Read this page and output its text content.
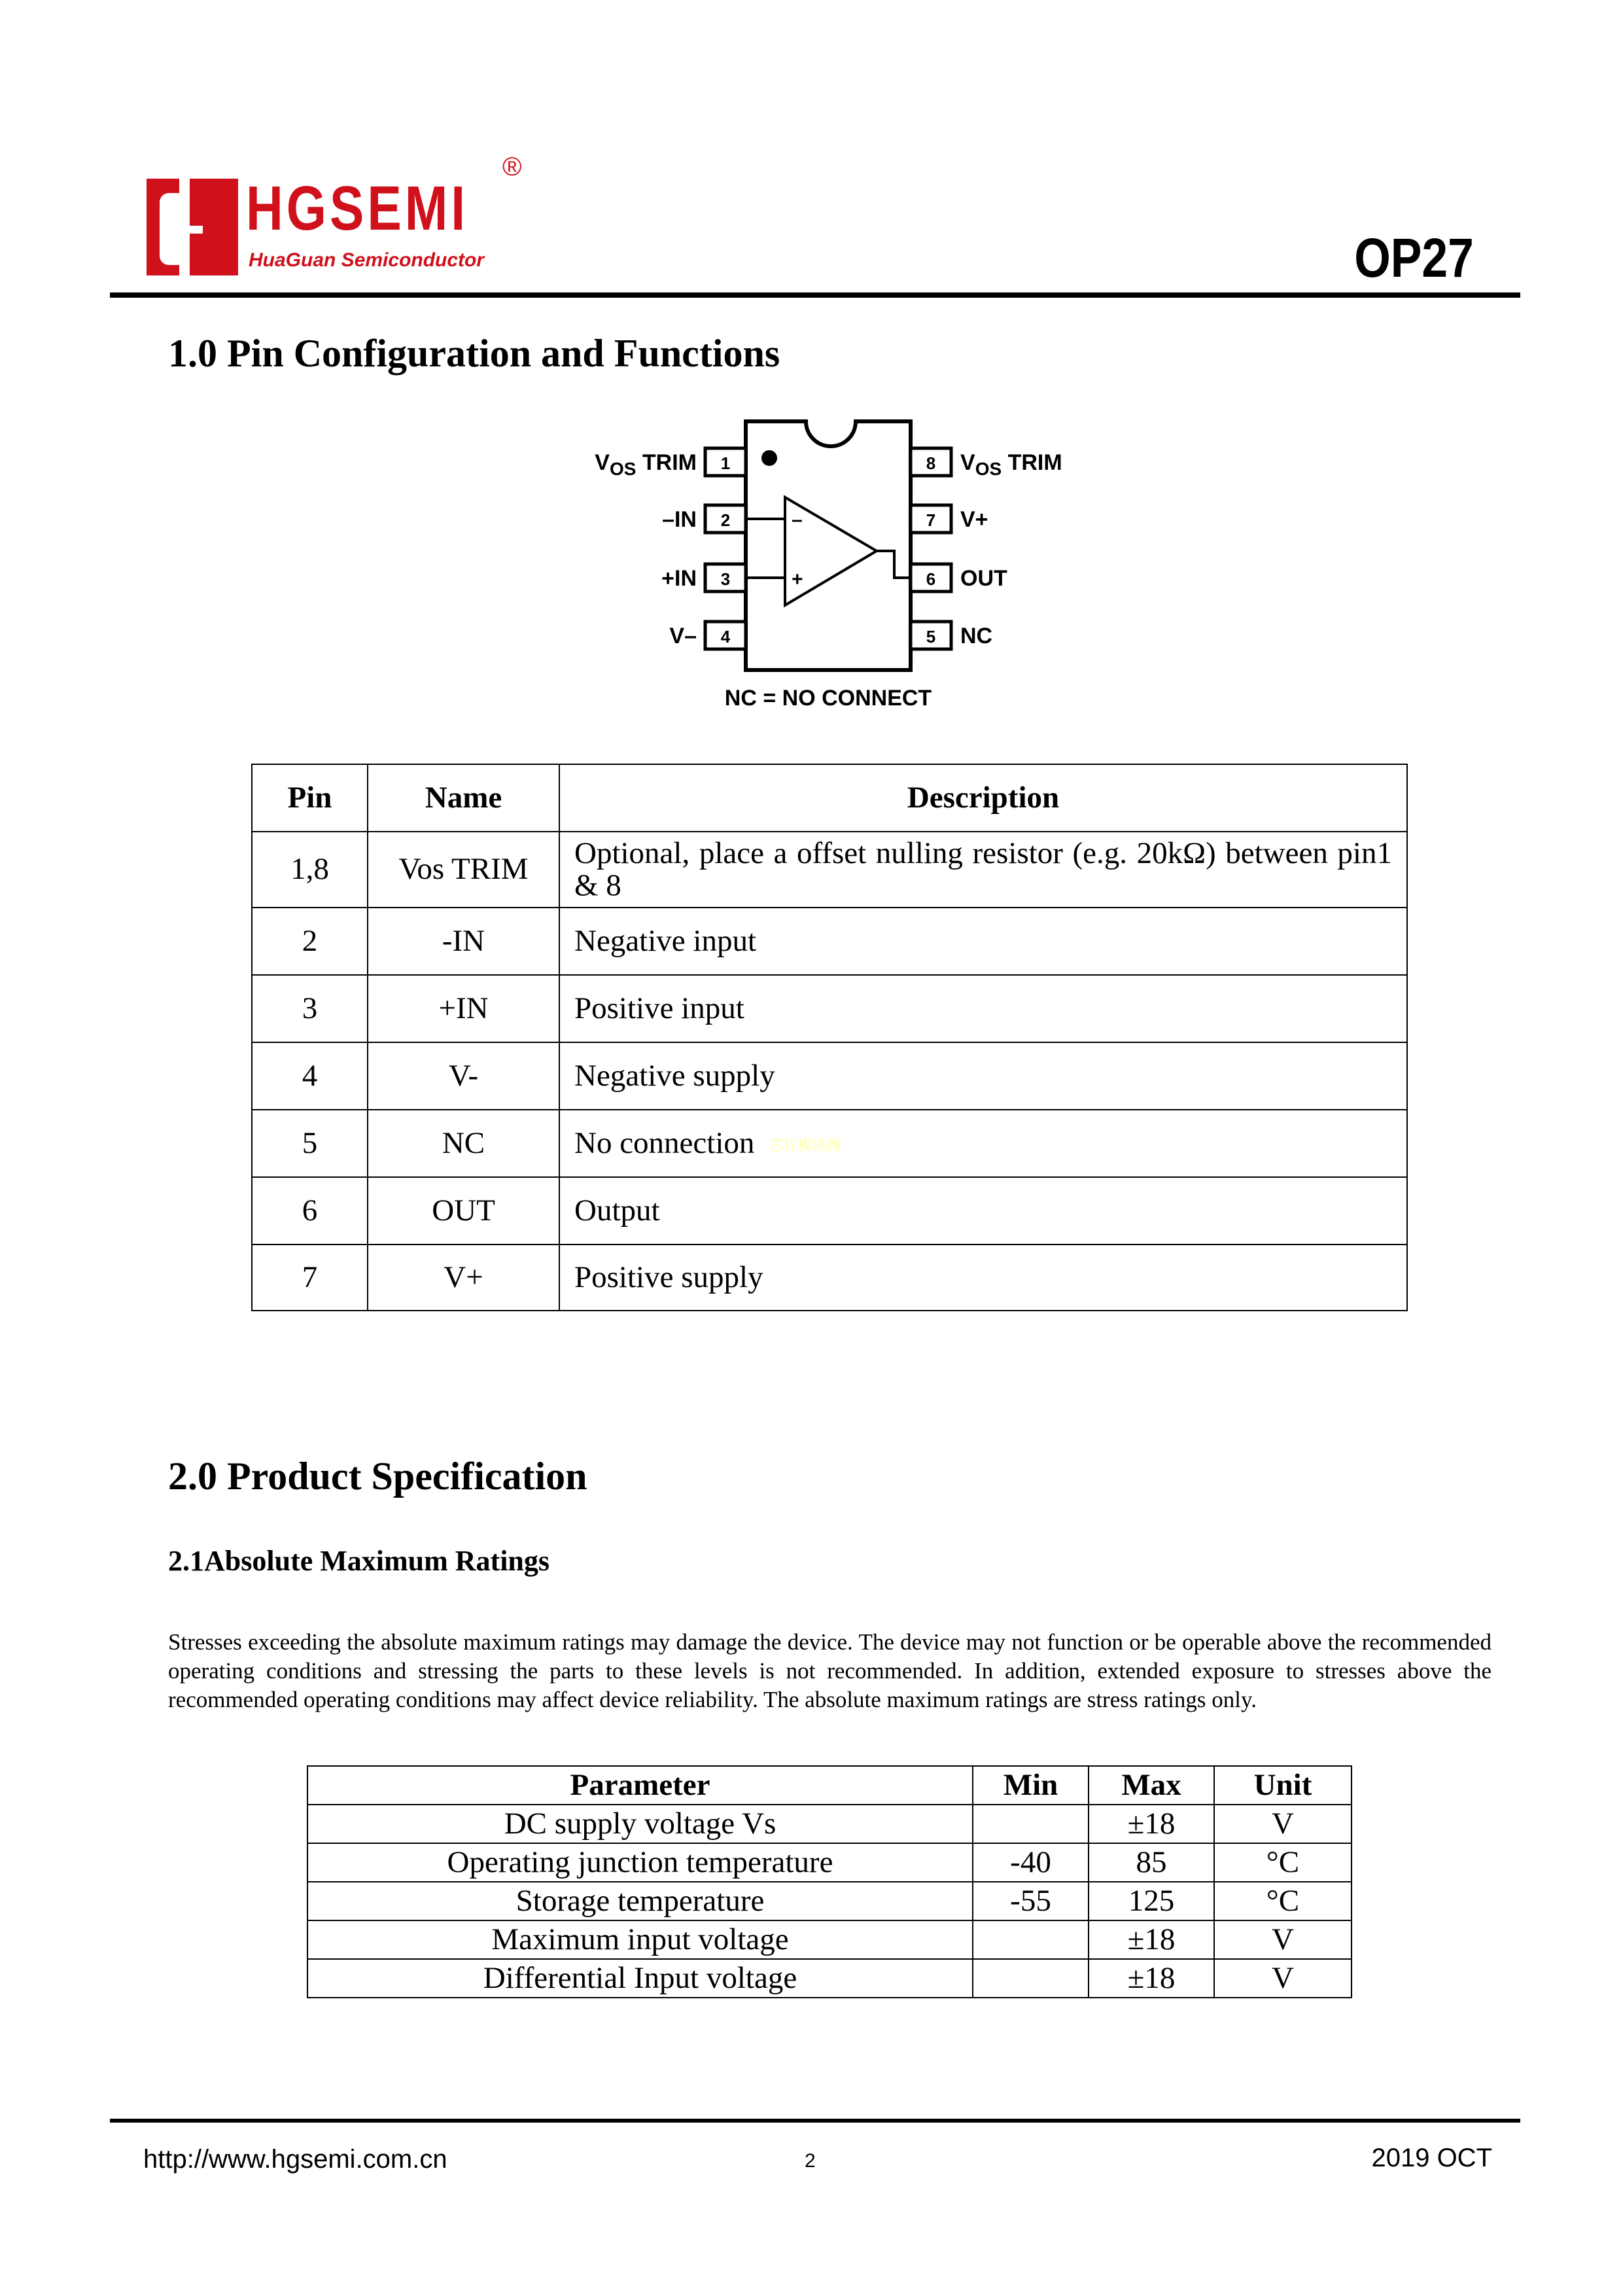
HGSEMI
HuaGuan Semiconductor
®
OP27
1.0 Pin Configuration and Functions
–
+
1
$V_{OS}$ TRIM
2
–IN
3
+IN
4
V–
8 $V_{OS}$ TRIM
7 V+
6 OUT
5 NC
NC = NO CONNECT
Pin	Name	Description
1,8	Vos TRIM	Optional, place a offset nulling resistor (e.g. 20kΩ) between pin1 & 8
2	-IN	Negative input
3	+IN	Positive input
4	V-	Negative supply
5	NC	No connection 芯片模块网
6	OUT	Output
7	V+	Positive supply
2.0 Product Specification
2.1Absolute Maximum Ratings

Stresses exceeding the absolute maximum ratings may damage the device. The device may not function or be operable above the recommended operating conditions and stressing the parts to these levels is not recommended. In addition, extended exposure to stresses above the recommended operating conditions may affect device reliability. The absolute maximum ratings are stress ratings only.

Parameter	Min	Max	Unit
DC supply voltage Vs		±18	V
Operating junction temperature	-40	85	°C
Storage temperature	-55	125	°C
Maximum input voltage		±18	V
Differential Input voltage		±18	V
http://www.hgsemi.com.cn	2	2019 OCT
